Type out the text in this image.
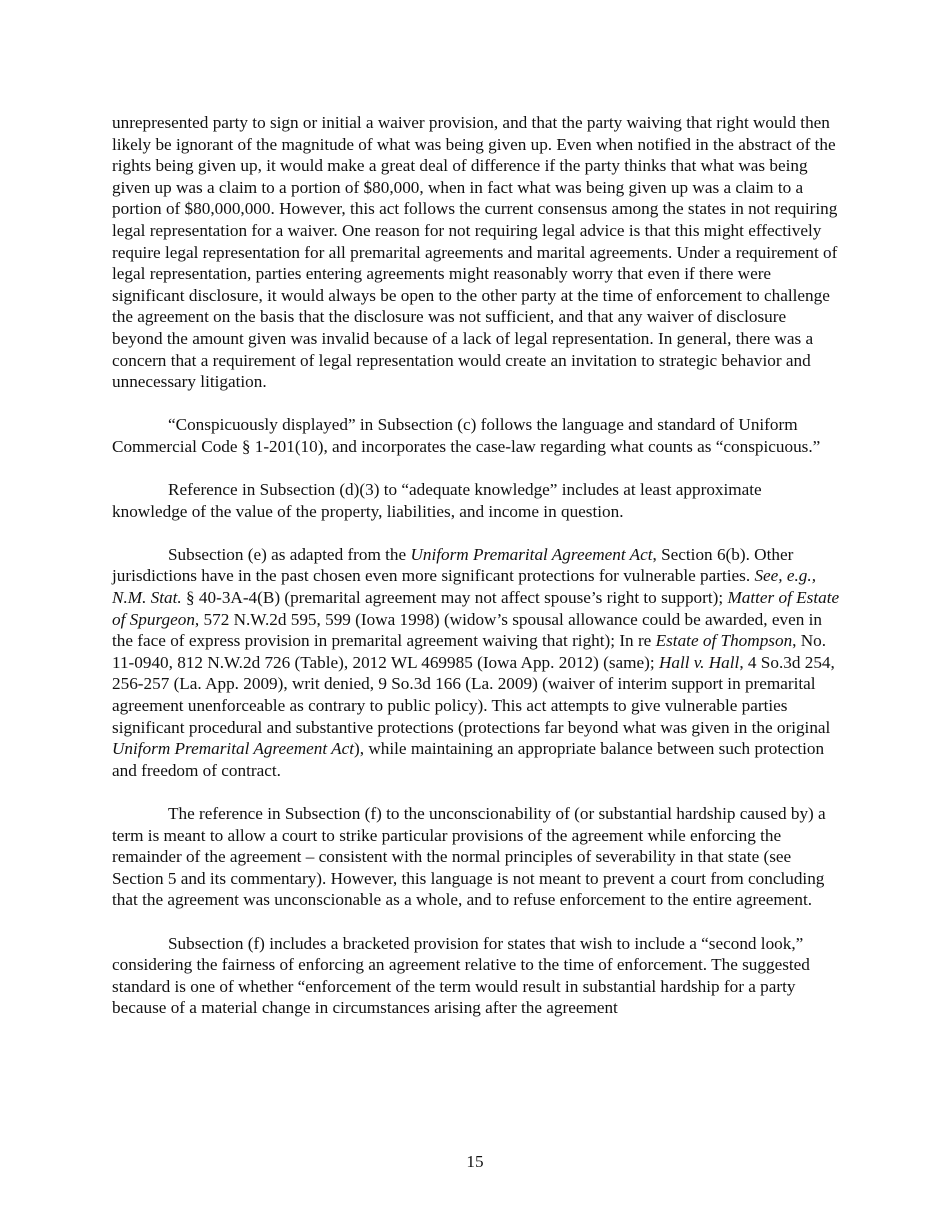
unrepresented party to sign or initial a waiver provision, and that the party waiving that right would then likely be ignorant of the magnitude of what was being given up. Even when notified in the abstract of the rights being given up, it would make a great deal of difference if the party thinks that what was being given up was a claim to a portion of $80,000, when in fact what was being given up was a claim to a portion of $80,000,000. However, this act follows the current consensus among the states in not requiring legal representation for a waiver. One reason for not requiring legal advice is that this might effectively require legal representation for all premarital agreements and marital agreements. Under a requirement of legal representation, parties entering agreements might reasonably worry that even if there were significant disclosure, it would always be open to the other party at the time of enforcement to challenge the agreement on the basis that the disclosure was not sufficient, and that any waiver of disclosure beyond the amount given was invalid because of a lack of legal representation. In general, there was a concern that a requirement of legal representation would create an invitation to strategic behavior and unnecessary litigation.

“Conspicuously displayed” in Subsection (c) follows the language and standard of Uniform Commercial Code § 1-201(10), and incorporates the case-law regarding what counts as “conspicuous.”

Reference in Subsection (d)(3) to “adequate knowledge” includes at least approximate knowledge of the value of the property, liabilities, and income in question.

Subsection (e) as adapted from the Uniform Premarital Agreement Act, Section 6(b). Other jurisdictions have in the past chosen even more significant protections for vulnerable parties. See, e.g., N.M. Stat. § 40-3A-4(B) (premarital agreement may not affect spouse’s right to support); Matter of Estate of Spurgeon, 572 N.W.2d 595, 599 (Iowa 1998) (widow’s spousal allowance could be awarded, even in the face of express provision in premarital agreement waiving that right); In re Estate of Thompson, No. 11-0940, 812 N.W.2d 726 (Table), 2012 WL 469985 (Iowa App. 2012) (same); Hall v. Hall, 4 So.3d 254, 256-257 (La. App. 2009), writ denied, 9 So.3d 166 (La. 2009) (waiver of interim support in premarital agreement unenforceable as contrary to public policy). This act attempts to give vulnerable parties significant procedural and substantive protections (protections far beyond what was given in the original Uniform Premarital Agreement Act), while maintaining an appropriate balance between such protection and freedom of contract.

The reference in Subsection (f) to the unconscionability of (or substantial hardship caused by) a term is meant to allow a court to strike particular provisions of the agreement while enforcing the remainder of the agreement – consistent with the normal principles of severability in that state (see Section 5 and its commentary). However, this language is not meant to prevent a court from concluding that the agreement was unconscionable as a whole, and to refuse enforcement to the entire agreement.

Subsection (f) includes a bracketed provision for states that wish to include a “second look,” considering the fairness of enforcing an agreement relative to the time of enforcement. The suggested standard is one of whether “enforcement of the term would result in substantial hardship for a party because of a material change in circumstances arising after the agreement

15
